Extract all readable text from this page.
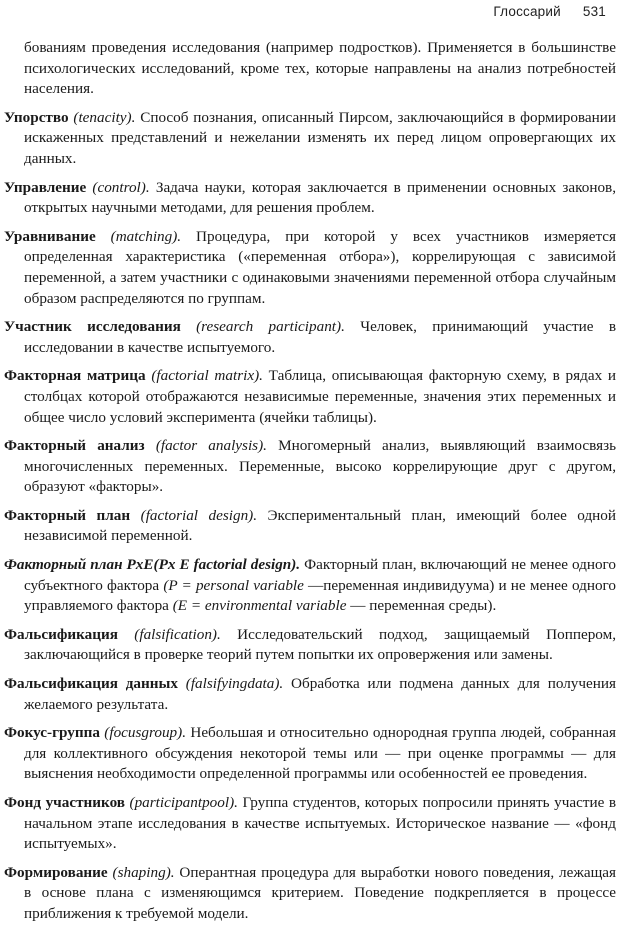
Глоссарий 531

бованиям проведения исследования (например подростков). Применяется в большинстве психологических исследований, кроме тех, которые направлены на анализ потребностей населения.

Упорство (tenacity). Способ познания, описанный Пирсом, заключающийся в формировании искаженных представлений и нежелании изменять их перед лицом опровергающих их данных.

Управление (control). Задача науки, которая заключается в применении основных законов, открытых научными методами, для решения проблем.

Уравнивание (matching). Процедура, при которой у всех участников измеряется определенная характеристика («переменная отбора»), коррелирующая с зависимой переменной, а затем участники с одинаковыми значениями переменной отбора случайным образом распределяются по группам.

Участник исследования (research participant). Человек, принимающий участие в исследовании в качестве испытуемого.

Факторная матрица (factorial matrix). Таблица, описывающая факторную схему, в рядах и столбцах которой отображаются независимые переменные, значения этих переменных и общее число условий эксперимента (ячейки таблицы).

Факторный анализ (factor analysis). Многомерный анализ, выявляющий взаимосвязь многочисленных переменных. Переменные, высоко коррелирующие друг с другом, образуют «факторы».

Факторный план (factorial design). Экспериментальный план, имеющий более одной независимой переменной.

Факторный план PxE(Px E factorial design). Факторный план, включающий не менее одного субъектного фактора (P = personal variable —переменная индивидуума) и не менее одного управляемого фактора (E = environmental variable — переменная среды).

Фальсификация (falsification). Исследовательский подход, защищаемый Поппером, заключающийся в проверке теорий путем попытки их опровержения или замены.

Фальсификация данных (falsifyingdata). Обработка или подмена данных для получения желаемого результата.

Фокус-группа (focusgroup). Небольшая и относительно однородная группа людей, собранная для коллективного обсуждения некоторой темы или — при оценке программы — для выяснения необходимости определенной программы или особенностей ее проведения.

Фонд участников (participantpool). Группа студентов, которых попросили принять участие в начальном этапе исследования в качестве испытуемых. Историческое название — «фонд испытуемых».

Формирование (shaping). Оперантная процедура для выработки нового поведения, лежащая в основе плана с изменяющимся критерием. Поведение подкрепляется в процессе приближения к требуемой модели.
